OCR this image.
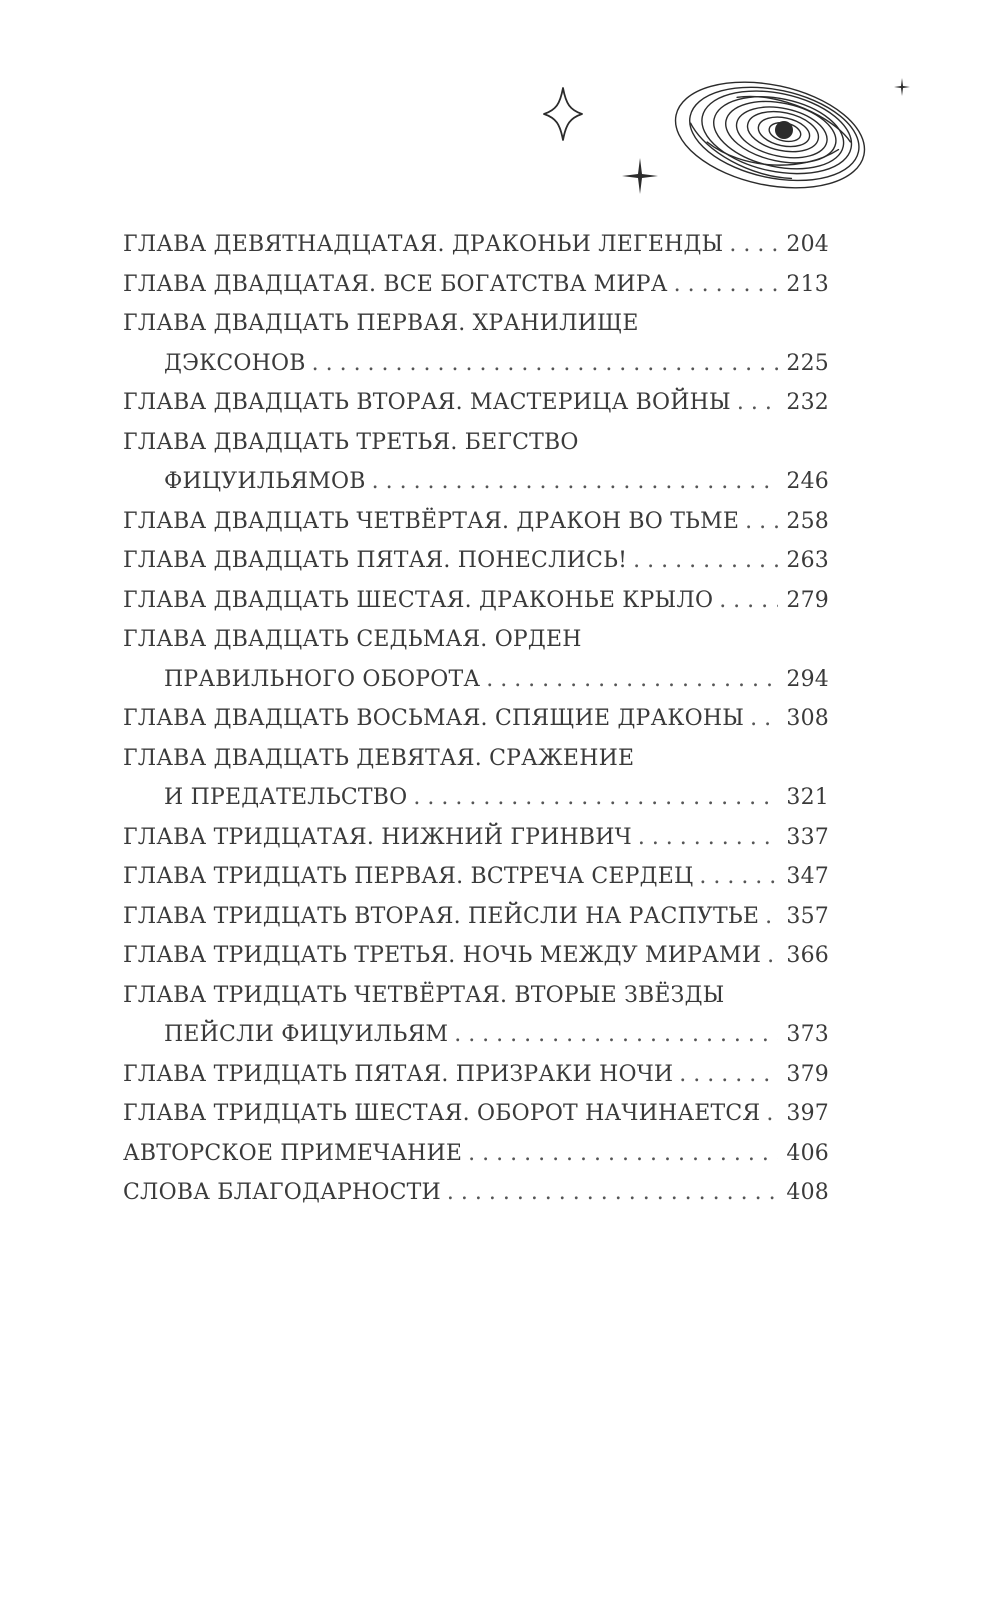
ГЛАВА ДЕВЯТНАДЦАТАЯ. ДРАКОНЬИ ЛЕГЕНДЫ . . .	204
ГЛАВА ДВАДЦАТАЯ. ВСЕ БОГАТСТВА МИРА . . .	213
ГЛАВА ДВАДЦАТЬ ПЕРВАЯ. ХРАНИЛИЩЕ
ДЭКСОНОВ . . .	225
ГЛАВА ДВАДЦАТЬ ВТОРАЯ. МАСТЕРИЦА ВОЙНЫ . . .	232
ГЛАВА ДВАДЦАТЬ ТРЕТЬЯ. БЕГСТВО
ФИЦУИЛЬЯМОВ . . .	246
ГЛАВА ДВАДЦАТЬ ЧЕТВЁРТАЯ. ДРАКОН ВО ТЬМЕ . . . 258
ГЛАВА ДВАДЦАТЬ ПЯТАЯ. ПОНЕСЛИСЬ! . . .	263
ГЛАВА ДВАДЦАТЬ ШЕСТАЯ. ДРАКОНЬЕ КРЫЛО . . .	279
ГЛАВА ДВАДЦАТЬ СЕДЬМАЯ. ОРДЕН
ПРАВИЛЬНОГО ОБОРОТА . . .	294
ГЛАВА ДВАДЦАТЬ ВОСЬМАЯ. СПЯЩИЕ ДРАКОНЫ . . . 308
ГЛАВА ДВАДЦАТЬ ДЕВЯТАЯ. СРАЖЕНИЕ
И ПРЕДАТЕЛЬСТВО . . .	321
ГЛАВА ТРИДЦАТАЯ. НИЖНИЙ ГРИНВИЧ . . .	337
ГЛАВА ТРИДЦАТЬ ПЕРВАЯ. ВСТРЕЧА СЕРДЕЦ . . .	347
ГЛАВА ТРИДЦАТЬ ВТОРАЯ. ПЕЙСЛИ НА РАСПУТЬЕ . . . 357
ГЛАВА ТРИДЦАТЬ ТРЕТЬЯ. НОЧЬ МЕЖДУ МИРАМИ . . . 366
ГЛАВА ТРИДЦАТЬ ЧЕТВЁРТАЯ. ВТОРЫЕ ЗВЁЗДЫ
ПЕЙСЛИ ФИЦУИЛЬЯМ . . .	373
ГЛАВА ТРИДЦАТЬ ПЯТАЯ. ПРИЗРАКИ НОЧИ . . .	379
ГЛАВА ТРИДЦАТЬ ШЕСТАЯ. ОБОРОТ НАЧИНАЕТСЯ . . . 397
АВТОРСКОЕ ПРИМЕЧАНИЕ . . .	406
СЛОВА БЛАГОДАРНОСТИ . . .	408
